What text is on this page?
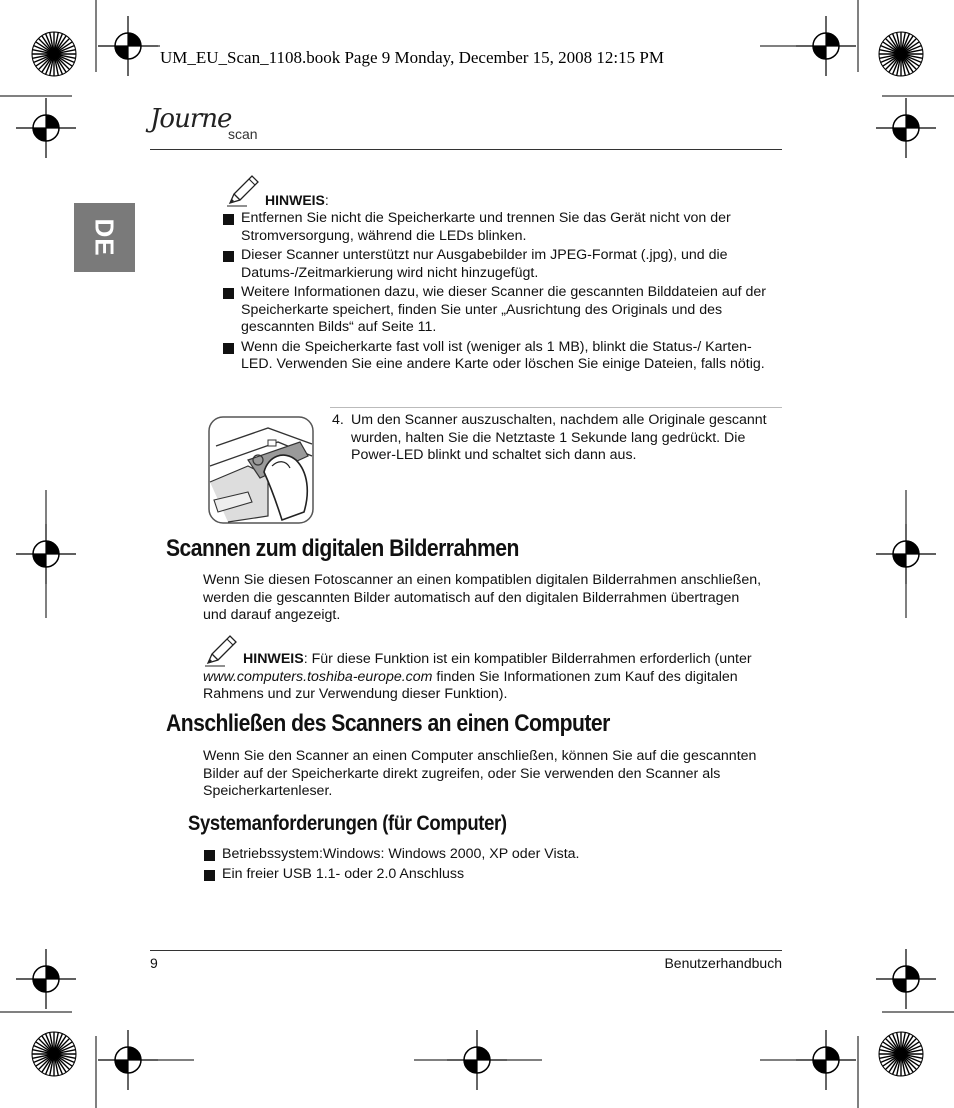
UM_EU_Scan_1108.book Page 9 Monday, December 15, 2008 12:15 PM
Journe
scan
DE
HINWEIS:
Entfernen Sie nicht die Speicherkarte und trennen Sie das Gerät nicht von der Stromversorgung, während die LEDs blinken.
Dieser Scanner unterstützt nur Ausgabebilder im JPEG-Format (.jpg), und die Datums-/Zeitmarkierung wird nicht hinzugefügt.
Weitere Informationen dazu, wie dieser Scanner die gescannten Bilddateien auf der Speicherkarte speichert, finden Sie unter „Ausrichtung des Originals und des gescannten Bilds“ auf Seite 11.
Wenn die Speicherkarte fast voll ist (weniger als 1 MB), blinkt die Status-/ Karten-LED. Verwenden Sie eine andere Karte oder löschen Sie einige Dateien, falls nötig.
4. Um den Scanner auszuschalten, nachdem alle Originale gescannt wurden, halten Sie die Netztaste 1 Sekunde lang gedrückt. Die Power-LED blinkt und schaltet sich dann aus.
Scannen zum digitalen Bilderrahmen

Wenn Sie diesen Fotoscanner an einen kompatiblen digitalen Bilderrahmen anschließen, werden die gescannten Bilder automatisch auf den digitalen Bilderrahmen übertragen und darauf angezeigt.

HINWEIS: Für diese Funktion ist ein kompatibler Bilderrahmen erforderlich (unter www.computers.toshiba-europe.com finden Sie Informationen zum Kauf des digitalen Rahmens und zur Verwendung dieser Funktion).

Anschließen des Scanners an einen Computer

Wenn Sie den Scanner an einen Computer anschließen, können Sie auf die gescannten Bilder auf der Speicherkarte direkt zugreifen, oder Sie verwenden den Scanner als Speicherkartenleser.

Systemanforderungen (für Computer)
Betriebssystem:Windows: Windows 2000, XP oder Vista.
Ein freier USB 1.1- oder 2.0 Anschluss
9	Benutzerhandbuch
